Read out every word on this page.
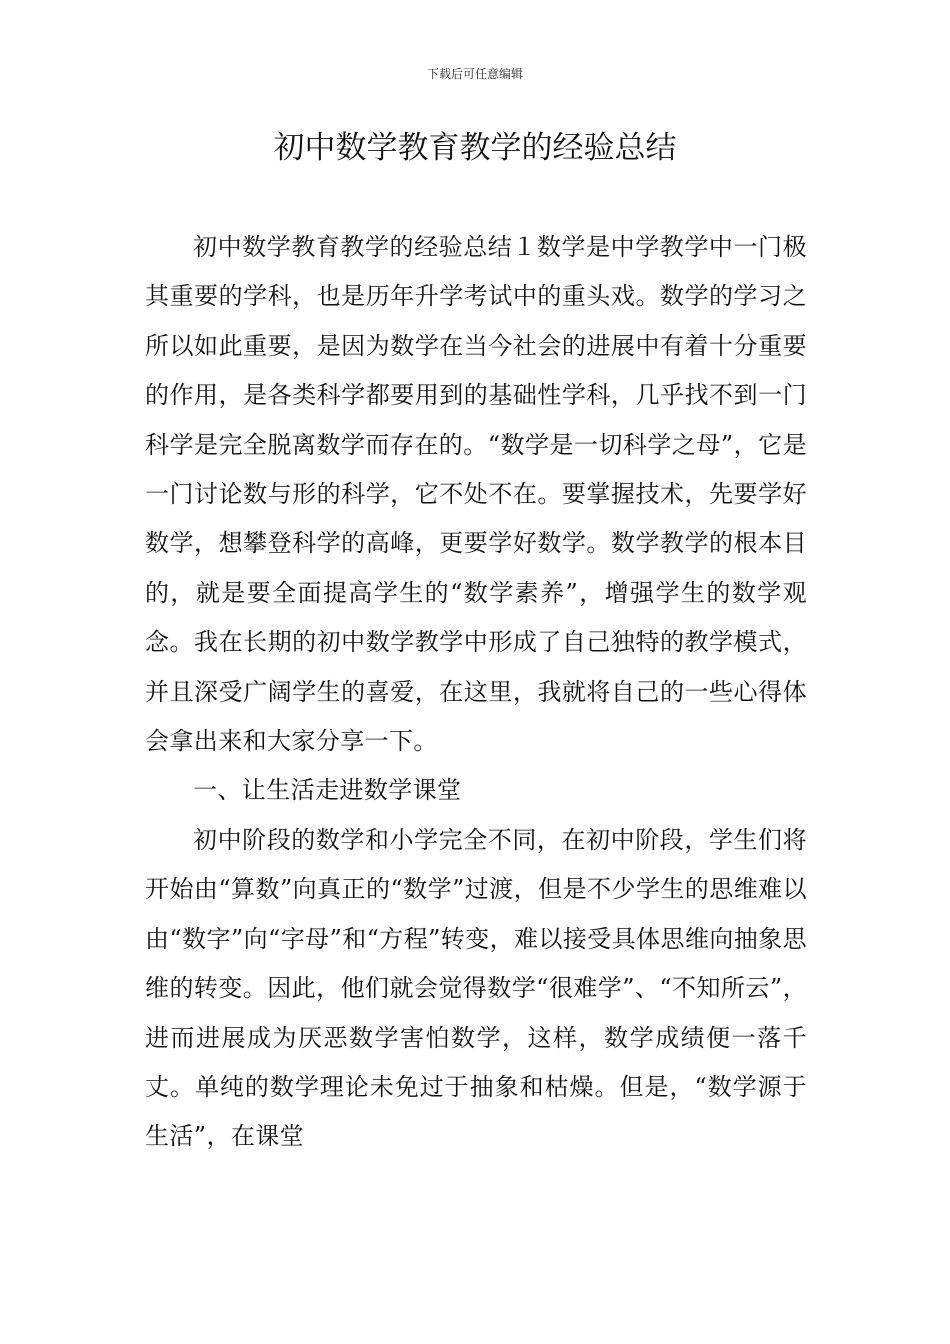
下载后可任意编辑
初中数学教育教学的经验总结

初中数学教育教学的经验总结１数学是中学教学中一门极其重要的学科，也是历年升学考试中的重头戏。数学的学习之所以如此重要，是因为数学在当今社会的进展中有着十分重要的作用，是各类科学都要用到的基础性学科，几乎找不到一门科学是完全脱离数学而存在的。“数学是一切科学之母”，它是一门讨论数与形的科学，它不处不在。要掌握技术，先要学好数学，想攀登科学的高峰，更要学好数学。数学教学的根本目的，就是要全面提高学生的“数学素养”，增强学生的数学观念。我在长期的初中数学教学中形成了自己独特的教学模式，并且深受广阔学生的喜爱，在这里，我就将自己的一些心得体会拿出来和大家分享一下。

一、让生活走进数学课堂

初中阶段的数学和小学完全不同，在初中阶段，学生们将开始由“算数”向真正的“数学”过渡，但是不少学生的思维难以由“数字”向“字母”和“方程”转变，难以接受具体思维向抽象思维的转变。因此，他们就会觉得数学“很难学”、“不知所云”，进而进展成为厌恶数学害怕数学，这样，数学成绩便一落千丈。单纯的数学理论未免过于抽象和枯燥。但是，“数学源于生活”，在课堂
